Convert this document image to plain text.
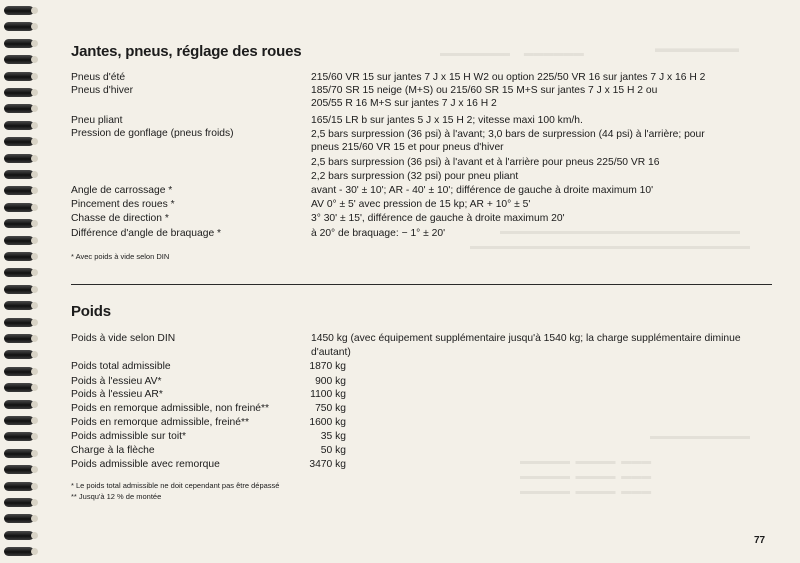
▬▬▬▬▬▬▬
▬▬▬▬▬▬▬     ▬▬▬▬▬▬
▬▬▬▬▬▬▬▬▬▬▬▬▬▬▬▬▬▬▬▬▬▬▬▬
▬▬▬▬▬▬▬▬▬▬▬▬▬▬▬▬▬▬▬▬▬▬▬▬▬▬▬▬
▬▬▬▬▬▬▬▬▬▬
▬▬▬▬▬  ▬▬▬▬  ▬▬▬
▬▬▬▬▬  ▬▬▬▬  ▬▬▬
▬▬▬▬▬  ▬▬▬▬  ▬▬▬
Jantes, pneus, réglage des roues
Pneus d'été	215/60 VR 15 sur jantes 7 J x 15 H W2 ou option 225/50 VR 16 sur jantes 7 J x 16 H 2
Pneus d'hiver	185/70 SR 15 neige (M+S) ou 215/60 SR 15 M+S sur jantes 7 J x 15 H 2 ou
205/55 R 16 M+S sur jantes 7 J x 16 H 2
Pneu pliant	165/15 LR b sur jantes 5 J x 15 H 2; vitesse maxi 100 km/h.
Pression de gonflage (pneus froids)	2,5 bars surpression (36 psi) à l'avant; 3,0 bars de surpression (44 psi) à l'arrière; pour
pneus 215/60 VR 15 et pour pneus d'hiver
2,5 bars surpression (36 psi) à l'avant et à l'arrière pour pneus 225/50 VR 16
2,2 bars surpression (32 psi) pour pneu pliant
Angle de carrossage *	avant - 30' ± 10'; AR - 40' ± 10'; différence de gauche à droite maximum 10'
Pincement des roues *	AV 0° ± 5' avec pression de 15 kp; AR + 10° ± 5'
Chasse de direction *	3° 30' ± 15', différence de gauche à droite maximum 20'
Différence d'angle de braquage *	à 20° de braquage: − 1° ± 20'
* Avec poids à vide selon DIN
Poids
Poids à vide selon DIN	1450 kg (avec équipement supplémentaire jusqu'à 1540 kg; la charge supplémentaire diminue
d'autant)
Poids total admissible	1870 kg
Poids à l'essieu AV*	900 kg
Poids à l'essieu AR*	1100 kg
Poids en remorque admissible, non freiné**	750 kg
Poids en remorque admissible, freiné**	1600 kg
Poids admissible sur toit*	35 kg
Charge à la flèche	50 kg
Poids admissible avec remorque	3470 kg
* Le poids total admissible ne doit cependant pas être dépassé
** Jusqu'à 12 % de montée
77
